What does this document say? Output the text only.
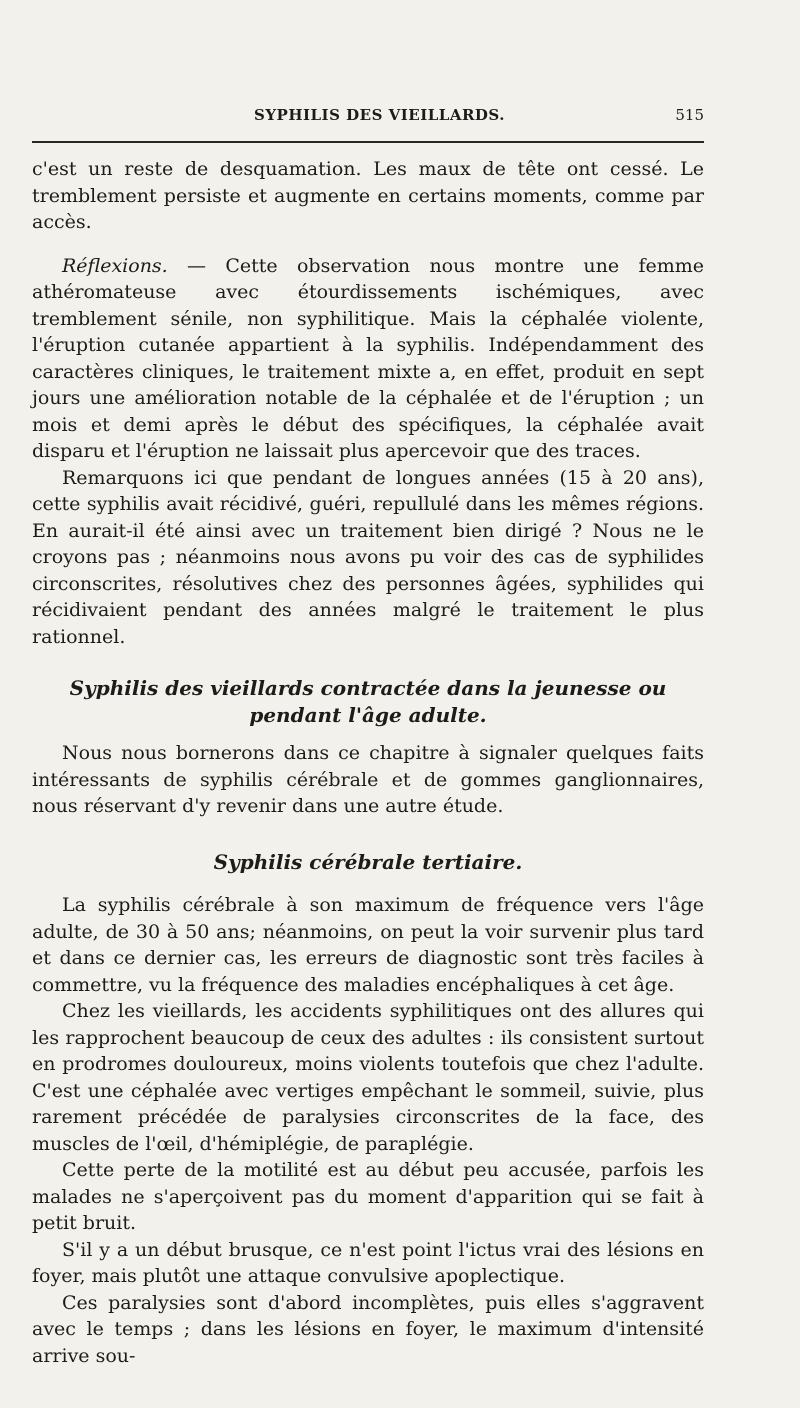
SYPHILIS DES VIEILLARDS.	515

c'est un reste de desquamation. Les maux de tête ont cessé. Le tremblement persiste et augmente en certains moments, comme par accès.

Réflexions. — Cette observation nous montre une femme athéromateuse avec étourdissements ischémiques, avec tremblement sénile, non syphilitique. Mais la céphalée violente, l'éruption cutanée appartient à la syphilis. Indépendamment des caractères cliniques, le traitement mixte a, en effet, produit en sept jours une amélioration notable de la céphalée et de l'éruption ; un mois et demi après le début des spécifiques, la céphalée avait disparu et l'éruption ne laissait plus apercevoir que des traces.

Remarquons ici que pendant de longues années (15 à 20 ans), cette syphilis avait récidivé, guéri, repullulé dans les mêmes régions. En aurait-il été ainsi avec un traitement bien dirigé ? Nous ne le croyons pas ; néanmoins nous avons pu voir des cas de syphilides circonscrites, résolutives chez des personnes âgées, syphilides qui récidivaient pendant des années malgré le traitement le plus rationnel.

Syphilis des vieillards contractée dans la jeunesse ou pendant l'âge adulte.

Nous nous bornerons dans ce chapitre à signaler quelques faits intéressants de syphilis cérébrale et de gommes ganglionnaires, nous réservant d'y revenir dans une autre étude.

Syphilis cérébrale tertiaire.

La syphilis cérébrale à son maximum de fréquence vers l'âge adulte, de 30 à 50 ans; néanmoins, on peut la voir survenir plus tard et dans ce dernier cas, les erreurs de diagnostic sont très faciles à commettre, vu la fréquence des maladies encéphaliques à cet âge.

Chez les vieillards, les accidents syphilitiques ont des allures qui les rapprochent beaucoup de ceux des adultes : ils consistent surtout en prodromes douloureux, moins violents toutefois que chez l'adulte. C'est une céphalée avec vertiges empêchant le sommeil, suivie, plus rarement précédée de paralysies circonscrites de la face, des muscles de l'œil, d'hémiplégie, de paraplégie.

Cette perte de la motilité est au début peu accusée, parfois les malades ne s'aperçoivent pas du moment d'apparition qui se fait à petit bruit.

S'il y a un début brusque, ce n'est point l'ictus vrai des lésions en foyer, mais plutôt une attaque convulsive apoplectique.

Ces paralysies sont d'abord incomplètes, puis elles s'aggravent avec le temps ; dans les lésions en foyer, le maximum d'intensité arrive sou-
